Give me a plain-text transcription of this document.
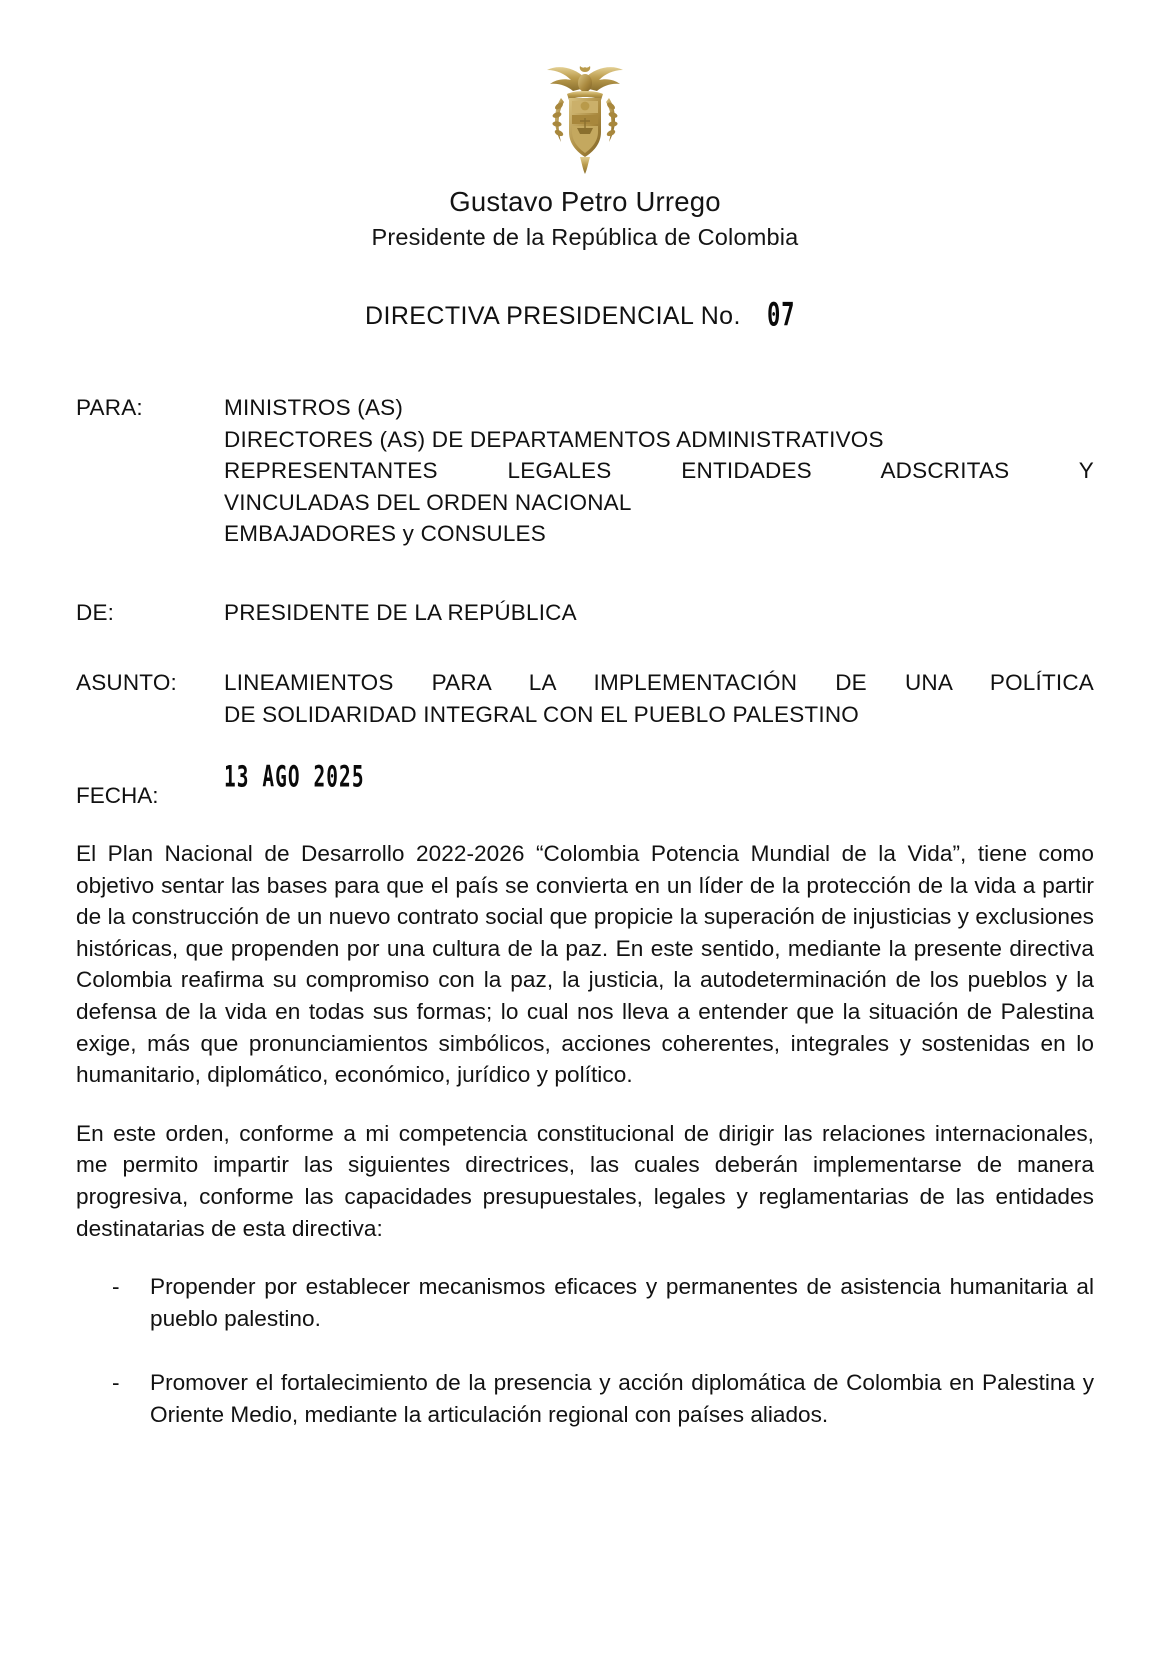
Gustavo Petro Urrego
Presidente de la República de Colombia
DIRECTIVA PRESIDENCIAL No. 07
PARA:	MINISTROS (AS)
DIRECTORES (AS) DE DEPARTAMENTOS ADMINISTRATIVOS
REPRESENTANTES LEGALES ENTIDADES ADSCRITAS Y
VINCULADAS DEL ORDEN NACIONAL
EMBAJADORES y CONSULES
DE:	PRESIDENTE DE LA REPÚBLICA
ASUNTO:	LINEAMIENTOS PARA LA IMPLEMENTACIÓN DE UNA POLÍTICA
DE SOLIDARIDAD INTEGRAL CON EL PUEBLO PALESTINO
FECHA:
13 AGO 2025

El Plan Nacional de Desarrollo 2022-2026 “Colombia Potencia Mundial de la Vida”, tiene como objetivo sentar las bases para que el país se convierta en un líder de la protección de la vida a partir de la construcción de un nuevo contrato social que propicie la superación de injusticias y exclusiones históricas, que propenden por una cultura de la paz. En este sentido, mediante la presente directiva Colombia reafirma su compromiso con la paz, la justicia, la autodeterminación de los pueblos y la defensa de la vida en todas sus formas; lo cual nos lleva a entender que la situación de Palestina exige, más que pronunciamientos simbólicos, acciones coherentes, integrales y sostenidas en lo humanitario, diplomático, económico, jurídico y político.

En este orden, conforme a mi competencia constitucional de dirigir las relaciones internacionales, me permito impartir las siguientes directrices, las cuales deberán implementarse de manera progresiva, conforme las capacidades presupuestales, legales y reglamentarias de las entidades destinatarias de esta directiva:

- Propender por establecer mecanismos eficaces y permanentes de asistencia humanitaria al pueblo palestino.
- Promover el fortalecimiento de la presencia y acción diplomática de Colombia en Palestina y Oriente Medio, mediante la articulación regional con países aliados.
